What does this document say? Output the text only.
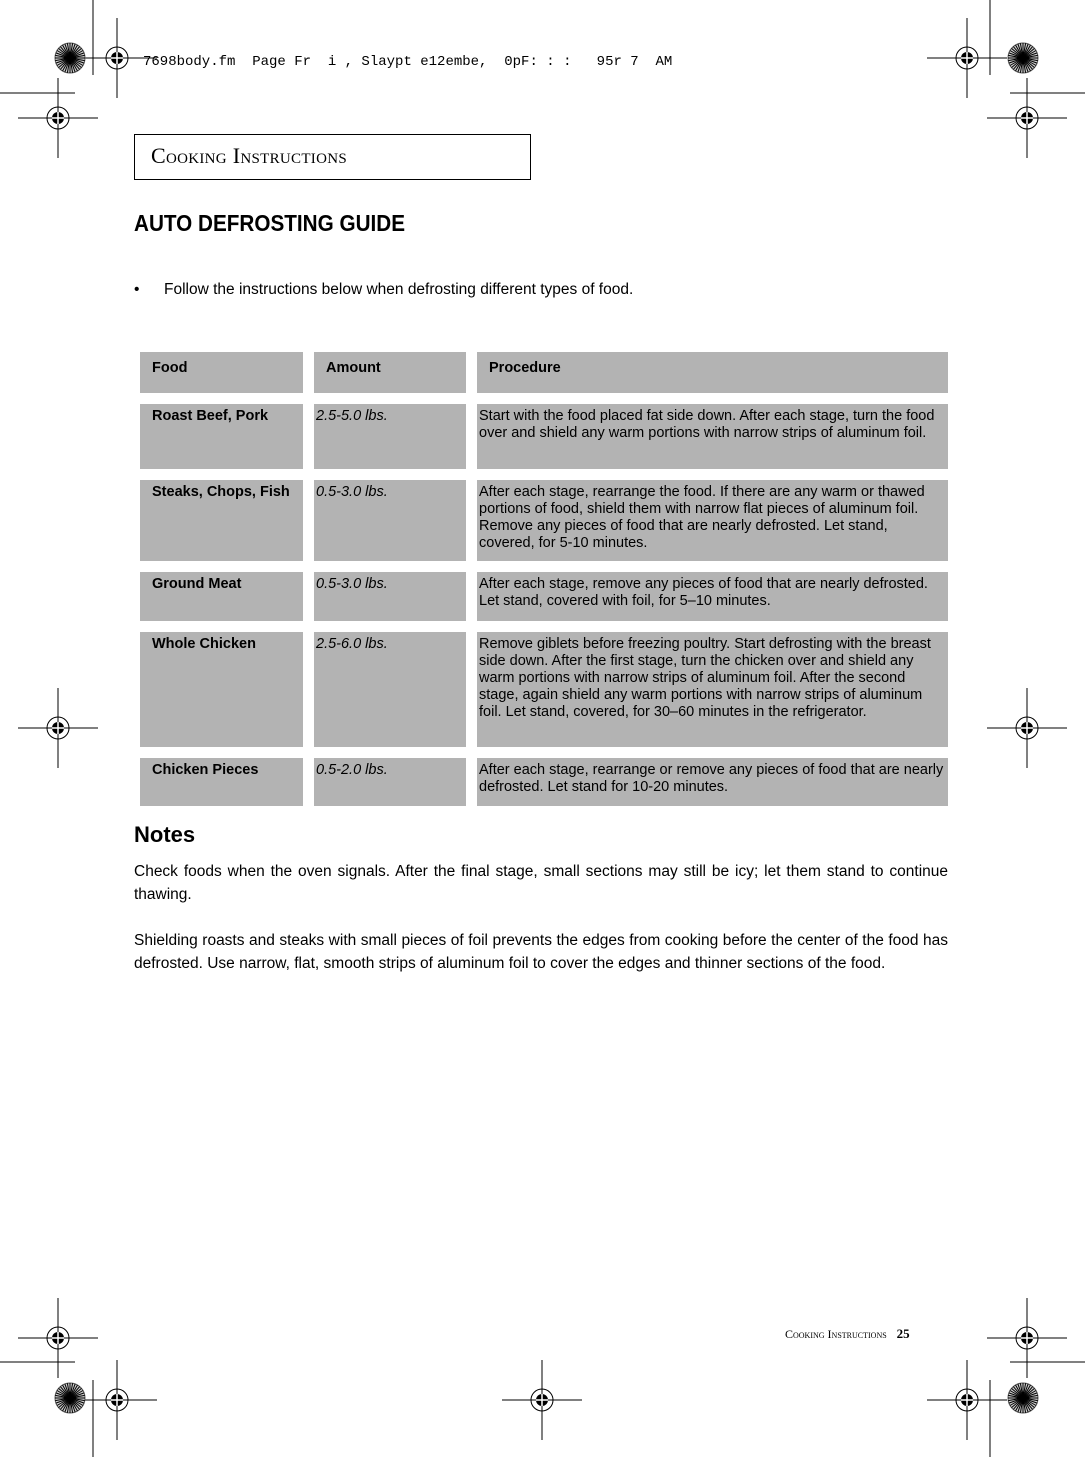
7698body.fm  Page Fr  i , Slaypt e12embe,  0pF: : :   95r 7  AM
Cooking Instructions
AUTO DEFROSTING GUIDE
• Follow the instructions below when defrosting different types of food.
Food	Amount	Procedure
Roast Beef, Pork	2.5-5.0 lbs.	Start with the food placed fat side down. After each stage, turn the food over and shield any warm portions with narrow strips of aluminum foil.
Steaks, Chops, Fish	0.5-3.0 lbs.	After each stage, rearrange the food. If there are any warm or thawed portions of food, shield them with narrow flat pieces of aluminum foil. Remove any pieces of food that are nearly defrosted. Let stand, covered, for 5-10 minutes.
Ground Meat	0.5-3.0 lbs.	After each stage, remove any pieces of food that are nearly defrosted. Let stand, covered with foil, for 5–10 minutes.
Whole Chicken	2.5-6.0 lbs.	Remove giblets before freezing poultry. Start defrosting with the breast side down. After the first stage, turn the chicken over and shield any warm portions with narrow strips of aluminum foil. After the second stage, again shield any warm portions with narrow strips of aluminum foil. Let stand, covered, for 30–60 minutes in the refrigerator.
Chicken Pieces	0.5-2.0 lbs.	After each stage, rearrange or remove any pieces of food that are nearly defrosted. Let stand for 10-20 minutes.
Notes
Check foods when the oven signals. After the final stage, small sections may still be icy; let them stand to continue thawing.
Shielding roasts and steaks with small pieces of foil prevents the edges from cooking before the center of the food has defrosted. Use narrow, flat, smooth strips of aluminum foil to cover the edges and thinner sections of the food.
Cooking Instructions 25
